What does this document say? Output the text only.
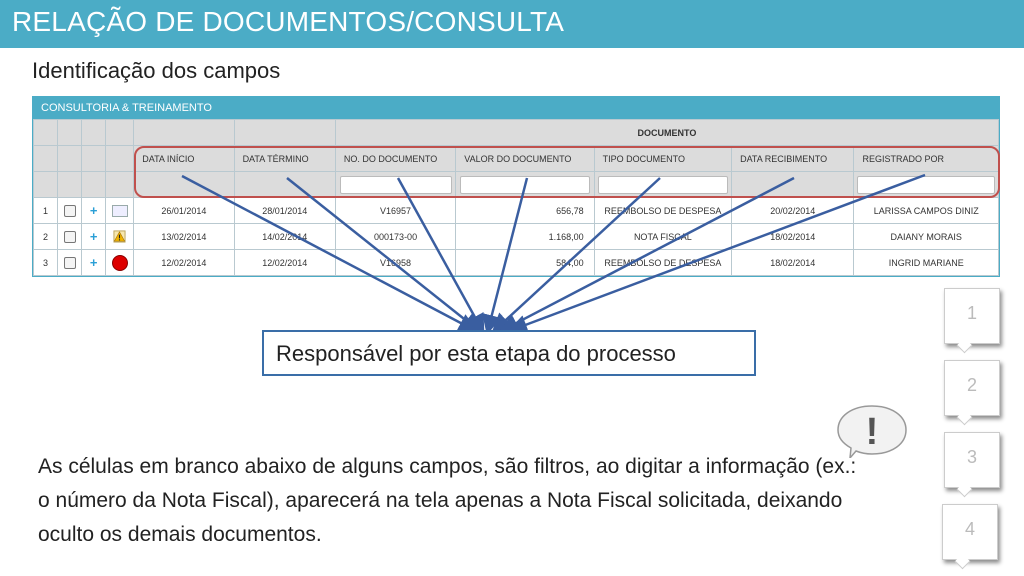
RELAÇÃO DE DOCUMENTOS/CONSULTA
Identificação dos campos
CONSULTORIA & TREINAMENTO
						DOCUMENTO				
				DATA INÍCIO	DATA TÉRMINO	NO. DO DOCUMENTO	VALOR DO DOCUMENTO	TIPO DOCUMENTO	DATA RECIBIMENTO	REGISTRADO POR

1		+		26/01/2014	28/01/2014	V16957	656,78	REEMBOLSO DE DESPESA	20/02/2014	LARISSA CAMPOS DINIZ
2		+		13/02/2014	14/02/2014	000173-00	1.168,00	NOTA FISCAL	18/02/2014	DAIANY MORAIS
3		+		12/02/2014	12/02/2014	V16958	584,00	REEMBOLSO DE DESPESA	18/02/2014	INGRID MARIANE
Responsável por esta etapa do processo
As células em branco abaixo de alguns campos, são filtros, ao digitar a informação (ex.: o número da Nota Fiscal), aparecerá na tela apenas a Nota Fiscal solicitada, deixando oculto os demais documentos.
!
1
2
3
4
